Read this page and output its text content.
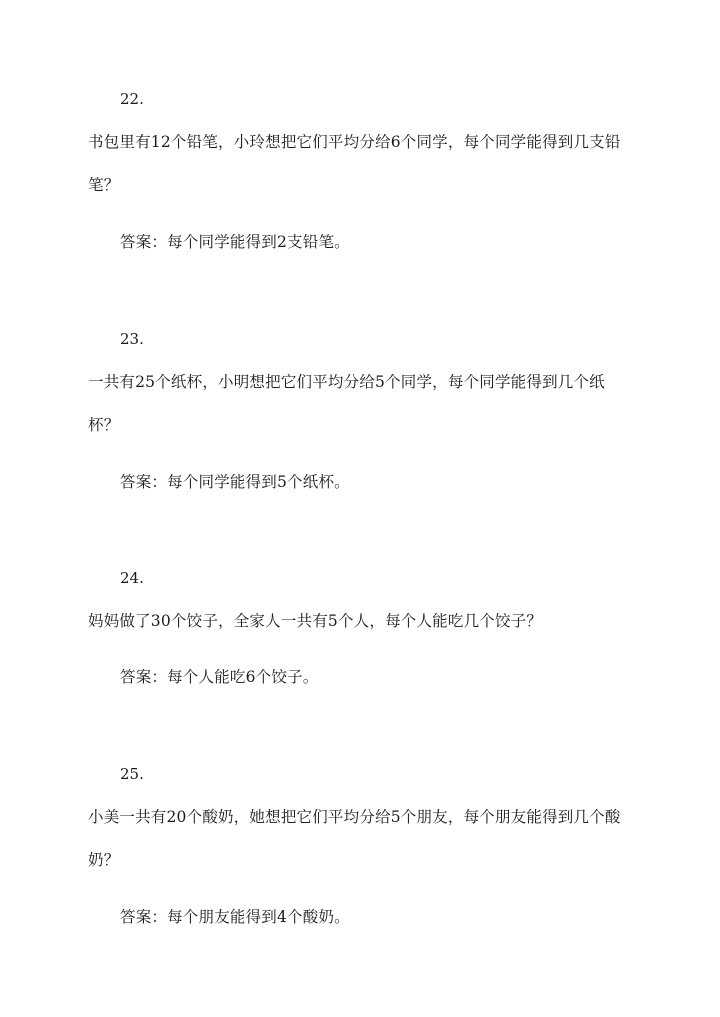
22.
书包里有12个铅笔，小玲想把它们平均分给6个同学，每个同学能得到几支铅笔？
答案：每个同学能得到2支铅笔。
23.
一共有25个纸杯，小明想把它们平均分给5个同学，每个同学能得到几个纸杯？
答案：每个同学能得到5个纸杯。
24.
妈妈做了30个饺子，全家人一共有5个人，每个人能吃几个饺子？
答案：每个人能吃6个饺子。
25.
小美一共有20个酸奶，她想把它们平均分给5个朋友，每个朋友能得到几个酸奶？
答案：每个朋友能得到4个酸奶。
